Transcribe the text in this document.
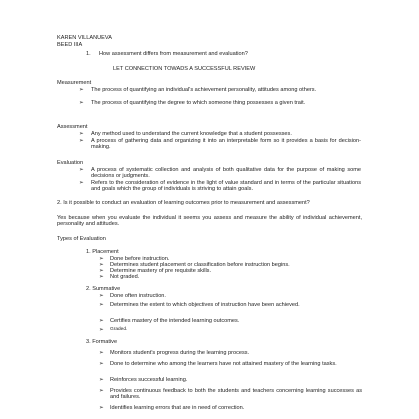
KAREN VILLANUEVA
BEED IIIA
1. How assessment differs from measurement and evaluation?
LET CONNECTION TOWADS A SUCCESSFUL REVIEW
Measurement
➢ The process of quantifying an individual's achievement personality, attitudes among others.
➢ The process of quantifying the degree to which someone thing possesses a given trait.
Assessment
➢ Any method used to understand the current knowledge that a student possesses.
➢ A process of gathering data and organizing it into an interpretable form so it provides a basis for decision-making.
Evaluation
➢ A process of systematic collection and analysis of both qualitative data for the purpose of making some decisions or judgments.
➢ Refers to the consideration of evidence in the light of value standard and in terms of the particular situations and goals which the group of individuals is striving to attain goals.
2. Is it possible to conduct an evaluation of learning outcomes prior to measurement and assessment?
Yes because when you evaluate the individual it seems you assess and measure the ability of individual achievement, personality and attitudes.
Types of Evaluation
1. Placement
➢ Done before instruction.
➢ Determines student placement or classification before instruction begins.
➢ Determine mastery of pre requisite skills.
➢ Not graded.
2. Summative
➢ Done often instruction.
➢ Determines the extent to which objectives of instruction have been achieved.
➢ Certifies mastery of the intended learning outcomes.
➢ Graded.
3. Formative
➢ Monitors student's progress during the learning process.
➢ Done to determine who among the learners have not attained mastery of the learning tasks.
➢ Reinforces successful learning.
➢ Provides continuous feedback to both the students and teachers concerning learning successes as and failures.
➢ Identifies learning errors that are in need of correction.
